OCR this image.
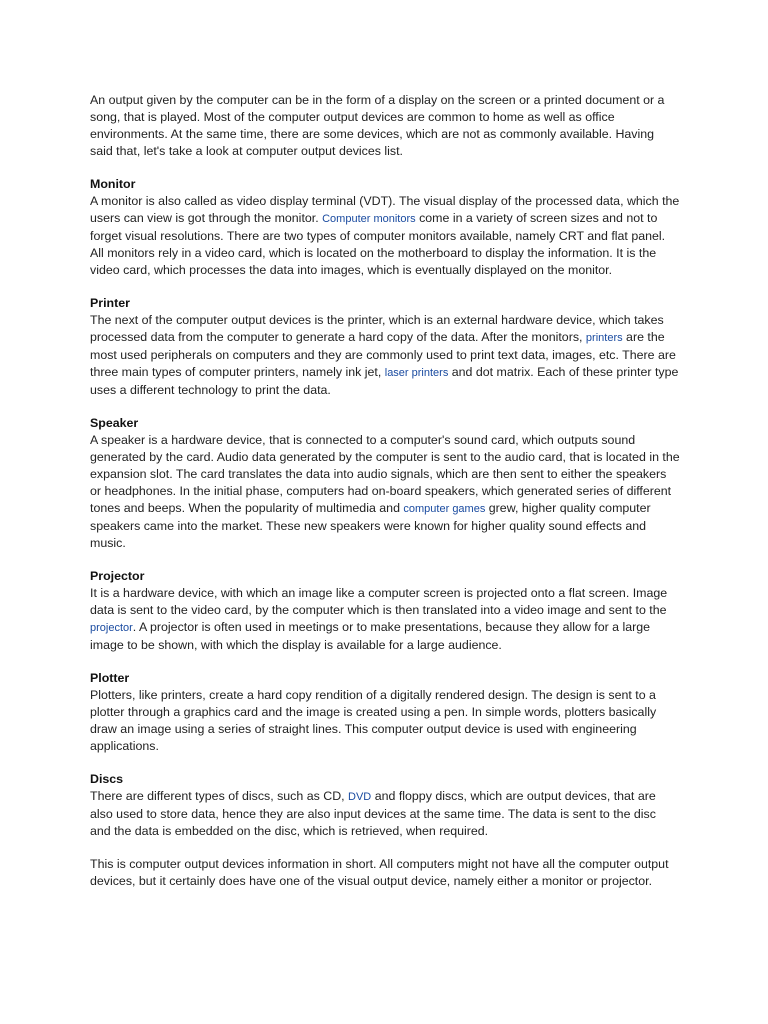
An output given by the computer can be in the form of a display on the screen or a printed document or a song, that is played. Most of the computer output devices are common to home as well as office environments. At the same time, there are some devices, which are not as commonly available. Having said that, let's take a look at computer output devices list.

Monitor

A monitor is also called as video display terminal (VDT). The visual display of the processed data, which the users can view is got through the monitor. Computer monitors come in a variety of screen sizes and not to forget visual resolutions. There are two types of computer monitors available, namely CRT and flat panel. All monitors rely in a video card, which is located on the motherboard to display the information. It is the video card, which processes the data into images, which is eventually displayed on the monitor.

Printer

The next of the computer output devices is the printer, which is an external hardware device, which takes processed data from the computer to generate a hard copy of the data. After the monitors, printers are the most used peripherals on computers and they are commonly used to print text data, images, etc. There are three main types of computer printers, namely ink jet, laser printers and dot matrix. Each of these printer type uses a different technology to print the data.

Speaker

A speaker is a hardware device, that is connected to a computer's sound card, which outputs sound generated by the card. Audio data generated by the computer is sent to the audio card, that is located in the expansion slot. The card translates the data into audio signals, which are then sent to either the speakers or headphones. In the initial phase, computers had on-board speakers, which generated series of different tones and beeps. When the popularity of multimedia and computer games grew, higher quality computer speakers came into the market. These new speakers were known for higher quality sound effects and music.

Projector

It is a hardware device, with which an image like a computer screen is projected onto a flat screen. Image data is sent to the video card, by the computer which is then translated into a video image and sent to the projector. A projector is often used in meetings or to make presentations, because they allow for a large image to be shown, with which the display is available for a large audience.

Plotter

Plotters, like printers, create a hard copy rendition of a digitally rendered design. The design is sent to a plotter through a graphics card and the image is created using a pen. In simple words, plotters basically draw an image using a series of straight lines. This computer output device is used with engineering applications.

Discs

There are different types of discs, such as CD, DVD and floppy discs, which are output devices, that are also used to store data, hence they are also input devices at the same time. The data is sent to the disc and the data is embedded on the disc, which is retrieved, when required.

This is computer output devices information in short. All computers might not have all the computer output devices, but it certainly does have one of the visual output device, namely either a monitor or projector.
